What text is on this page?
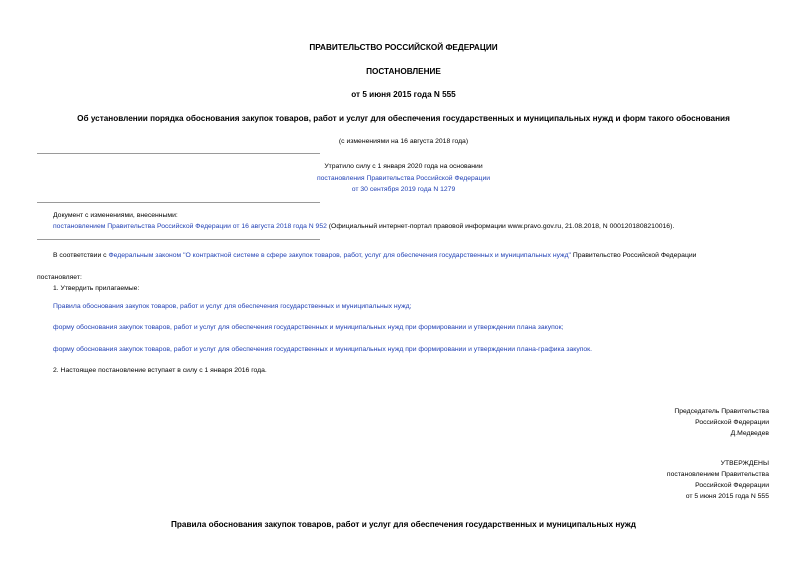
ПРАВИТЕЛЬСТВО РОССИЙСКОЙ ФЕДЕРАЦИИ
ПОСТАНОВЛЕНИЕ
от 5 июня 2015 года N 555
Об установлении порядка обоснования закупок товаров, работ и услуг для обеспечения государственных и муниципальных нужд и форм такого обоснования
(с изменениями на 16 августа 2018 года)
Утратило силу с 1 января 2020 года на основании
постановления Правительства Российской Федерации
от 30 сентября 2019 года N 1279
Документ с изменениями, внесенными:
постановлением Правительства Российской Федерации от 16 августа 2018 года N 952 (Официальный интернет-портал правовой информации www.pravo.gov.ru, 21.08.2018, N 0001201808210016).
В соответствии с Федеральным законом "О контрактной системе в сфере закупок товаров, работ, услуг для обеспечения государственных и муниципальных нужд" Правительство Российской Федерации
постановляет:
1. Утвердить прилагаемые:
Правила обоснования закупок товаров, работ и услуг для обеспечения государственных и муниципальных нужд;
форму обоснования закупок товаров, работ и услуг для обеспечения государственных и муниципальных нужд при формировании и утверждении плана закупок;
форму обоснования закупок товаров, работ и услуг для обеспечения государственных и муниципальных нужд при формировании и утверждении плана-графика закупок.
2. Настоящее постановление вступает в силу с 1 января 2016 года.
Председатель Правительства
Российской Федерации
Д.Медведев
УТВЕРЖДЕНЫ
постановлением Правительства
Российской Федерации
от 5 июня 2015 года N 555
Правила обоснования закупок товаров, работ и услуг для обеспечения государственных и муниципальных нужд
